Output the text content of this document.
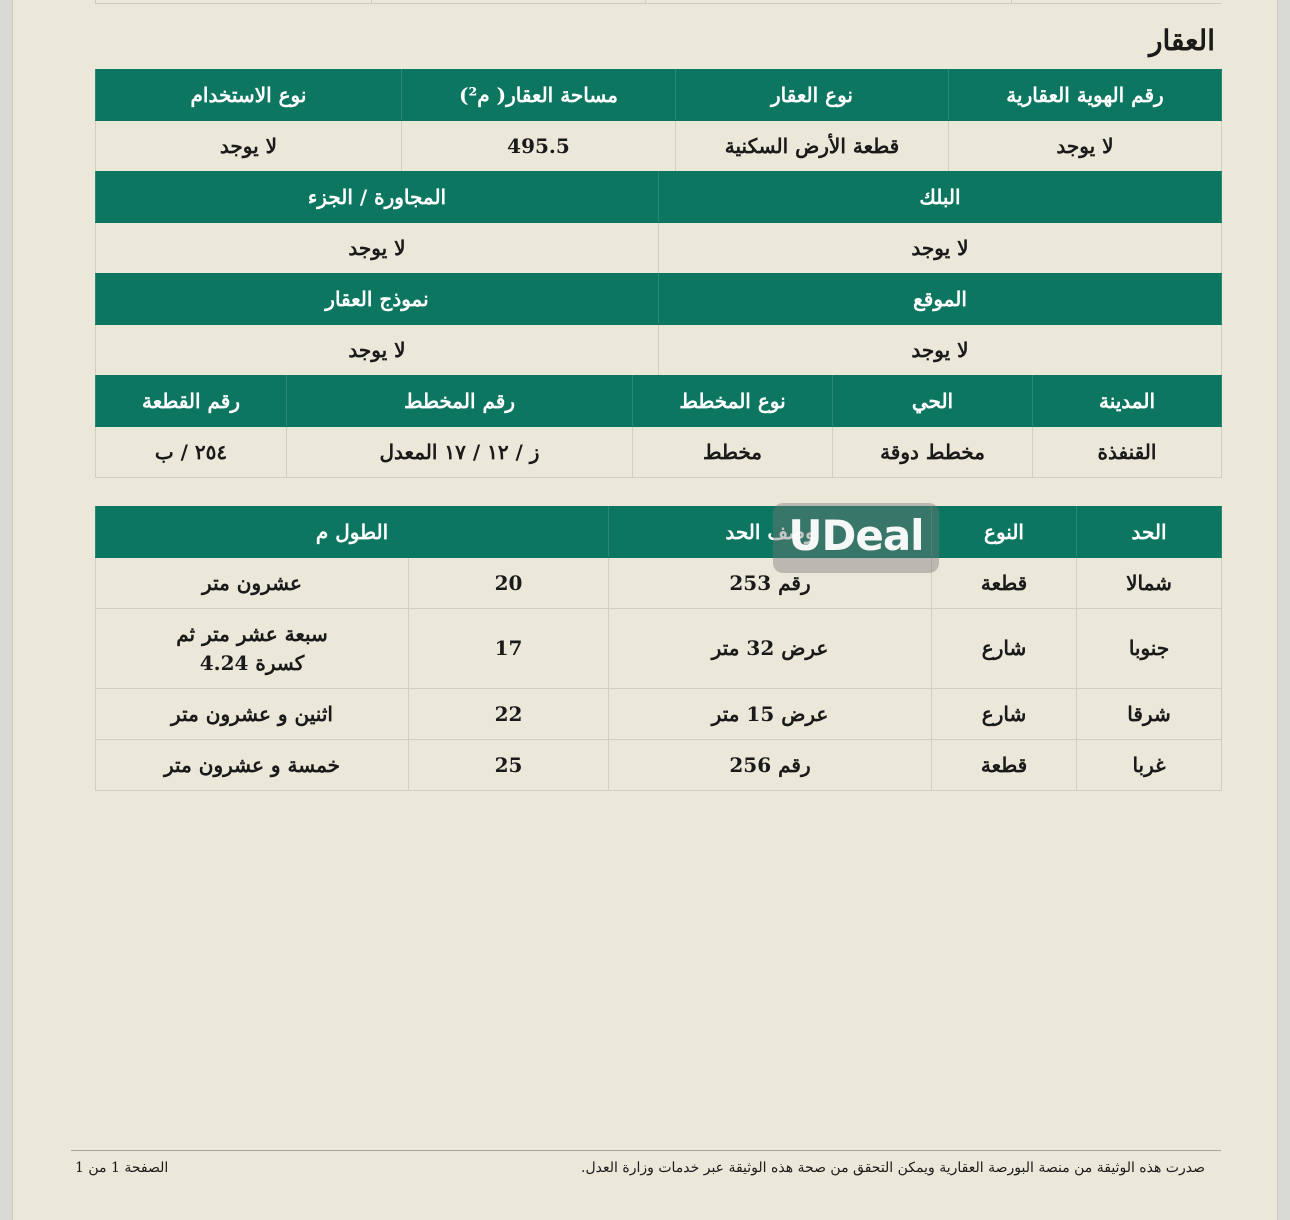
العقار
رقم الهوية العقارية	نوع العقار	مساحة العقار( م²)	نوع الاستخدام
لا يوجد	قطعة الأرض السكنية	495.5	لا يوجد
البلك	المجاورة / الجزء
لا يوجد	لا يوجد
الموقع	نموذج العقار
لا يوجد	لا يوجد
المدينة	الحي	نوع المخطط	رقم المخطط	رقم القطعة
القنفذة	مخطط دوقة	مخطط	ز / ١٢ / ١٧ المعدل	٢٥٤ / ب
الحد	النوع	وصف الحد	الطول م	
شمالا	قطعة	رقم 253	20	عشرون متر
جنوبا	شارع	عرض 32 متر	17	سبعة عشر متر ثم كسرة 4.24
شرقا	شارع	عرض 15 متر	22	اثنين و عشرون متر
غربا	قطعة	رقم 256	25	خمسة و عشرون متر
UDeal
صدرت هذه الوثيقة من منصة البورصة العقارية ويمكن التحقق من صحة هذه الوثيقة عبر خدمات وزارة العدل.
الصفحة 1 من 1
